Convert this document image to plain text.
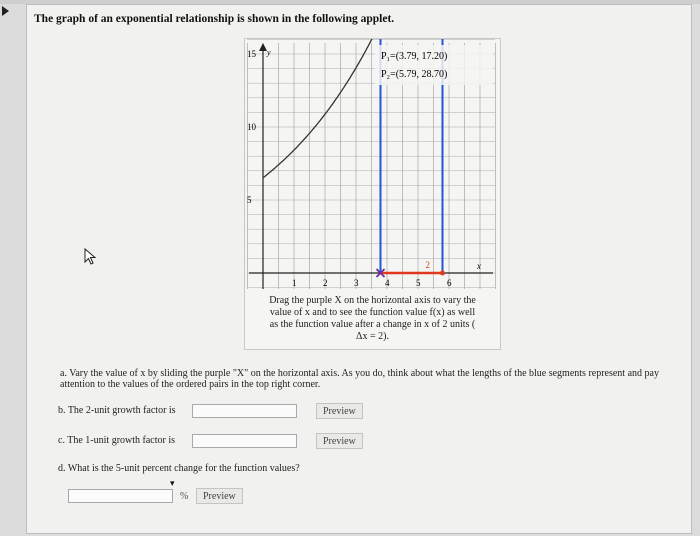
The graph of an exponential relationship is shown in the following applet.
15
10
5
1	2	3	4	5	6
2
P₁=(3.79, 17.20)
P₂=(5.79, 28.70)
y
x
Drag the purple X on the horizontal axis to vary the
value of x and to see the function value f(x) as well
as the function value after a change in x of 2 units (
Δx = 2).
a. Vary the value of x by sliding the purple "X" on the horizontal axis. As you do, think about what the lengths of the blue segments represent and pay attention to the values of the ordered pairs in the top right corner.
b. The 2-unit growth factor is	Preview
c. The 1-unit growth factor is	Preview
d. What is the 5-unit percent change for the function values?
▾
%	Preview
